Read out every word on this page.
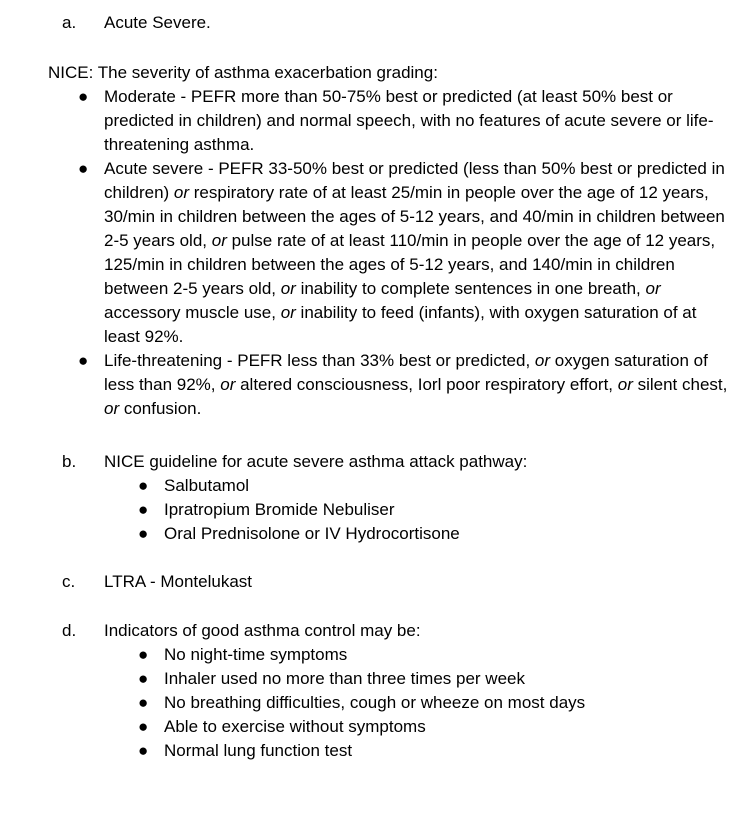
a. Acute Severe.
NICE: The severity of asthma exacerbation grading:
● Moderate - PEFR more than 50-75% best or predicted (at least 50% best or predicted in children) and normal speech, with no features of acute severe or life-threatening asthma.
● Acute severe - PEFR 33-50% best or predicted (less than 50% best or predicted in children) or respiratory rate of at least 25/min in people over the age of 12 years, 30/min in children between the ages of 5-12 years, and 40/min in children between 2-5 years old, or pulse rate of at least 110/min in people over the age of 12 years, 125/min in children between the ages of 5-12 years, and 140/min in children between 2-5 years old, or inability to complete sentences in one breath, or accessory muscle use, or inability to feed (infants), with oxygen saturation of at least 92%.
● Life-threatening - PEFR less than 33% best or predicted, or oxygen saturation of less than 92%, or altered consciousness, Iorl poor respiratory effort, or silent chest, or confusion.
b. NICE guideline for acute severe asthma attack pathway:
● Salbutamol
● Ipratropium Bromide Nebuliser
● Oral Prednisolone or IV Hydrocortisone
c. LTRA - Montelukast
d. Indicators of good asthma control may be:
● No night-time symptoms
● Inhaler used no more than three times per week
● No breathing difficulties, cough or wheeze on most days
● Able to exercise without symptoms
● Normal lung function test
